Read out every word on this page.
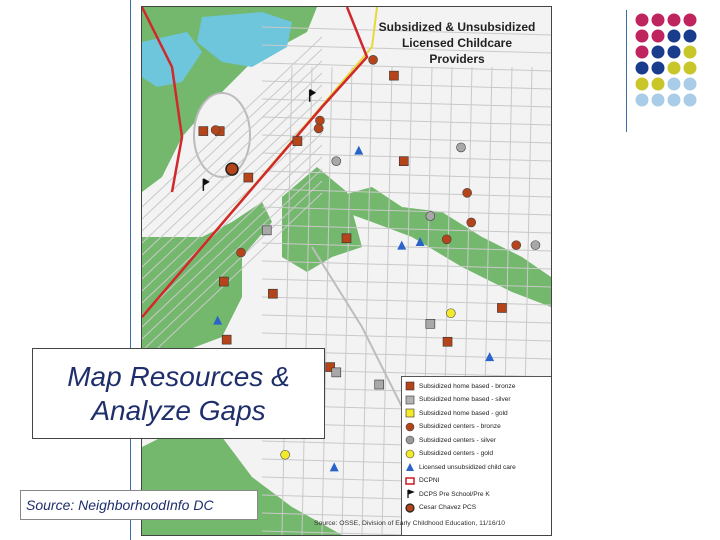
Subsidized & Unsubsidized
Licensed Childcare
Providers
Subsidized home based - bronze
Subsidized home based - silver
Subsidized home based - gold
Subsidized centers - bronze
Subsidized centers - silver
Subsidized centers - gold
Licensed unsubsidized child care
DCPNI
DCPS Pre School/Pre K
Cesar Chavez PCS
Source: OSSE, Division of Early Childhood Education, 11/16/10
Map Resources &
Analyze Gaps
Source: NeighborhoodInfo DC
